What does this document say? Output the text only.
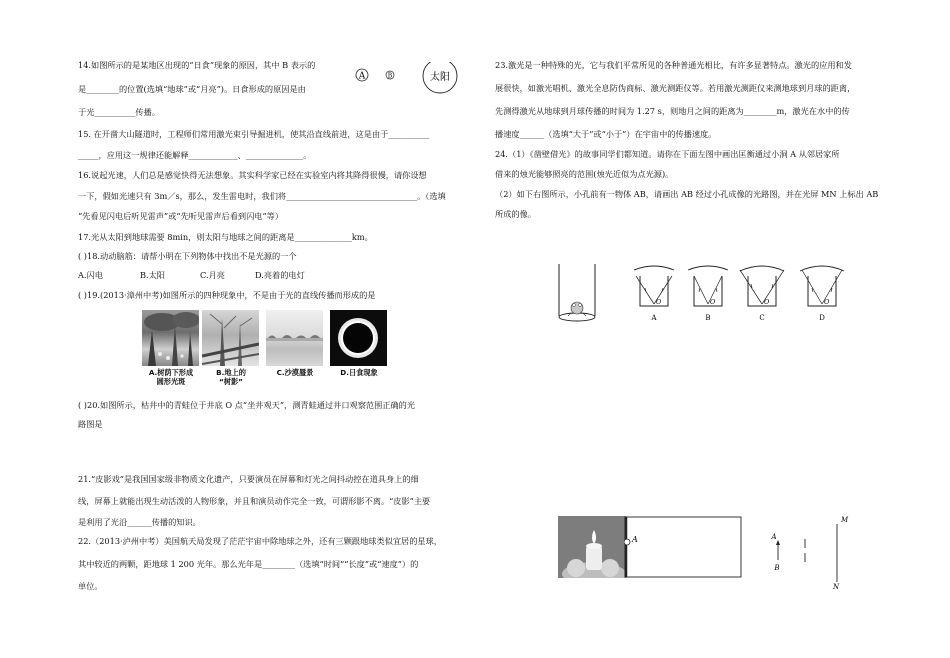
14.如图所示的是某地区出现的“日食”现象的原因，其中 B 表示的
是________的位置(选填“地球”或“月亮”)。日食形成的原因是由
于光__________传播。
A	B	太阳
15. 在开凿大山隧道时，工程师们常用激光束引导掘进机，使其沿直线前进，这是由于__________
_____，应用这一规律还能解释____________、______________。
16.说起光速，人们总是感觉快得无法想象。其实科学家已经在实验室内将其降得很慢，请你设想
一下，假如光速只有 3m／s，那么，发生雷电时，我们将________________________________。（选填
“先看见闪电后听见雷声”或“先听见雷声后看到闪电”等）
17.光从太阳到地球需要 8min，则太阳与地球之间的距离是______________km。
( )18.动动脑筋：请帮小明在下列物体中找出不是光源的一个
A.闪电	B.太阳	C.月亮	D.亮着的电灯
( )19.(2013·漳州中考)如图所示的四种现象中，不是由于光的直线传播而形成的是
A.树荫下形成
圆形光斑
B.地上的
“树影”
C.沙漠蜃景	D.日食现象
( )20.如图所示，枯井中的青蛙位于井底 O 点“坐井观天”，测青蛙通过井口观察范围正确的光
路图是
21.“皮影戏”是我国国家级非物质文化遗产，只要演员在屏幕和灯光之间抖动控在道具身上的细
线，屏幕上就能出现生动活泼的人物形象，并且和演员动作完全一致，可谓形影不离。“皮影”主要
是利用了光沿______传播的知识。
22.（2013·泸州中考）美国航天局发现了茫茫宇宙中除地球之外，还有三颗跟地球类似宜居的星球，
其中较近的两颗，距地球 1 200 光年。那么光年是________（选填“时间”“长度”或“速度”）的
单位。
23.激光是一种特殊的光，它与我们平常所见的各种普通光相比，有许多显著特点。激光的应用和发
展很快，如激光唱机、激光全息防伪商标、激光测距仪等。若用激光测距仪来测地球到月球的距离，
先测得激光从地球到月球传播的时间为 1.27 s，则地月之间的距离为________m，激光在水中的传
播速度______（选填“大于”或“小于”）在宇宙中的传播速度。
24.（1）《凿壁借光》的故事同学们都知道。请你在下面左图中画出匡衡通过小洞 A 从邻居家所
借来的烛光能够照亮的范围(烛光近似为点光源)。
（2）如下右图所示，小孔前有一物体 AB，请画出 AB 经过小孔成像的光路图，并在光屏 MN 上标出 AB
所成的像。
O
A
O
B
O
C
O
D
A	A
B
M
N
